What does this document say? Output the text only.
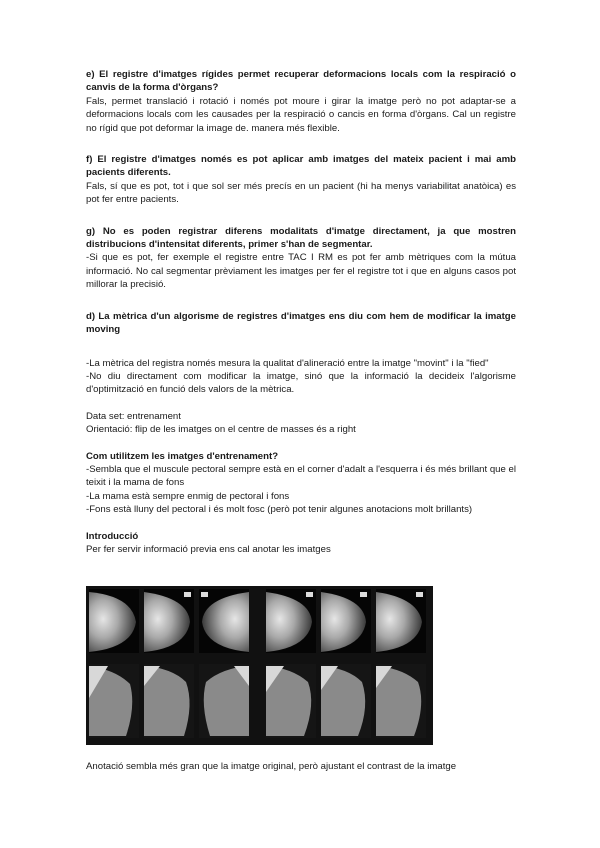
e) El registre d'imatges rígides permet recuperar deformacions locals com la respiració o canvis de la forma d'òrgans?
Fals, permet translació i rotació i només pot moure i girar la imatge però no pot adaptar-se a deformacions locals com les causades per la respiració o cancis en forma d'òrgans. Cal un registre no rígid que pot deformar la image de. manera més flexible.
f) El registre d'imatges només es pot aplicar amb imatges del mateix pacient i mai amb pacients diferents.
Fals, sí que es pot, tot i que sol ser més precís en un pacient (hi ha menys variabilitat anatòica) es pot fer entre pacients.
g) No es poden registrar diferens modalitats d'imatge directament, ja que mostren distribucions d'intensitat diferents, primer s'han de segmentar.
-Si que es pot, fer exemple el registre entre TAC I RM es pot fer amb mètriques com la mútua informació. No cal segmentar prèviament les imatges per fer el registre tot i que en alguns casos pot millorar la precisió.
d) La mètrica d'un algorisme de registres d'imatges ens diu com hem de modificar la imatge moving
-La mètrica del registra només mesura la qualitat d'alineració entre la imatge "movint" i la "fied"
-No diu directament com modificar la imatge, sinó que la informació la decideix l'algorisme d'optimització en funció dels valors de la mètrica.
Data set: entrenament
Orientació: flip de les imatges on el centre de masses és a right
Com utilitzem les imatges d'entrenament?
-Sembla que el muscule pectoral sempre està en el corner d'adalt a l'esquerra i és més brillant que el teixit i la mama de fons
-La mama està sempre enmig de pectoral i fons
-Fons està lluny del pectoral i és molt fosc (però pot tenir algunes anotacions molt brillants)
Introducció
Per fer servir informació previa ens cal anotar les imatges
Anotació sembla més gran que la imatge original, però ajustant el contrast de la imatge
